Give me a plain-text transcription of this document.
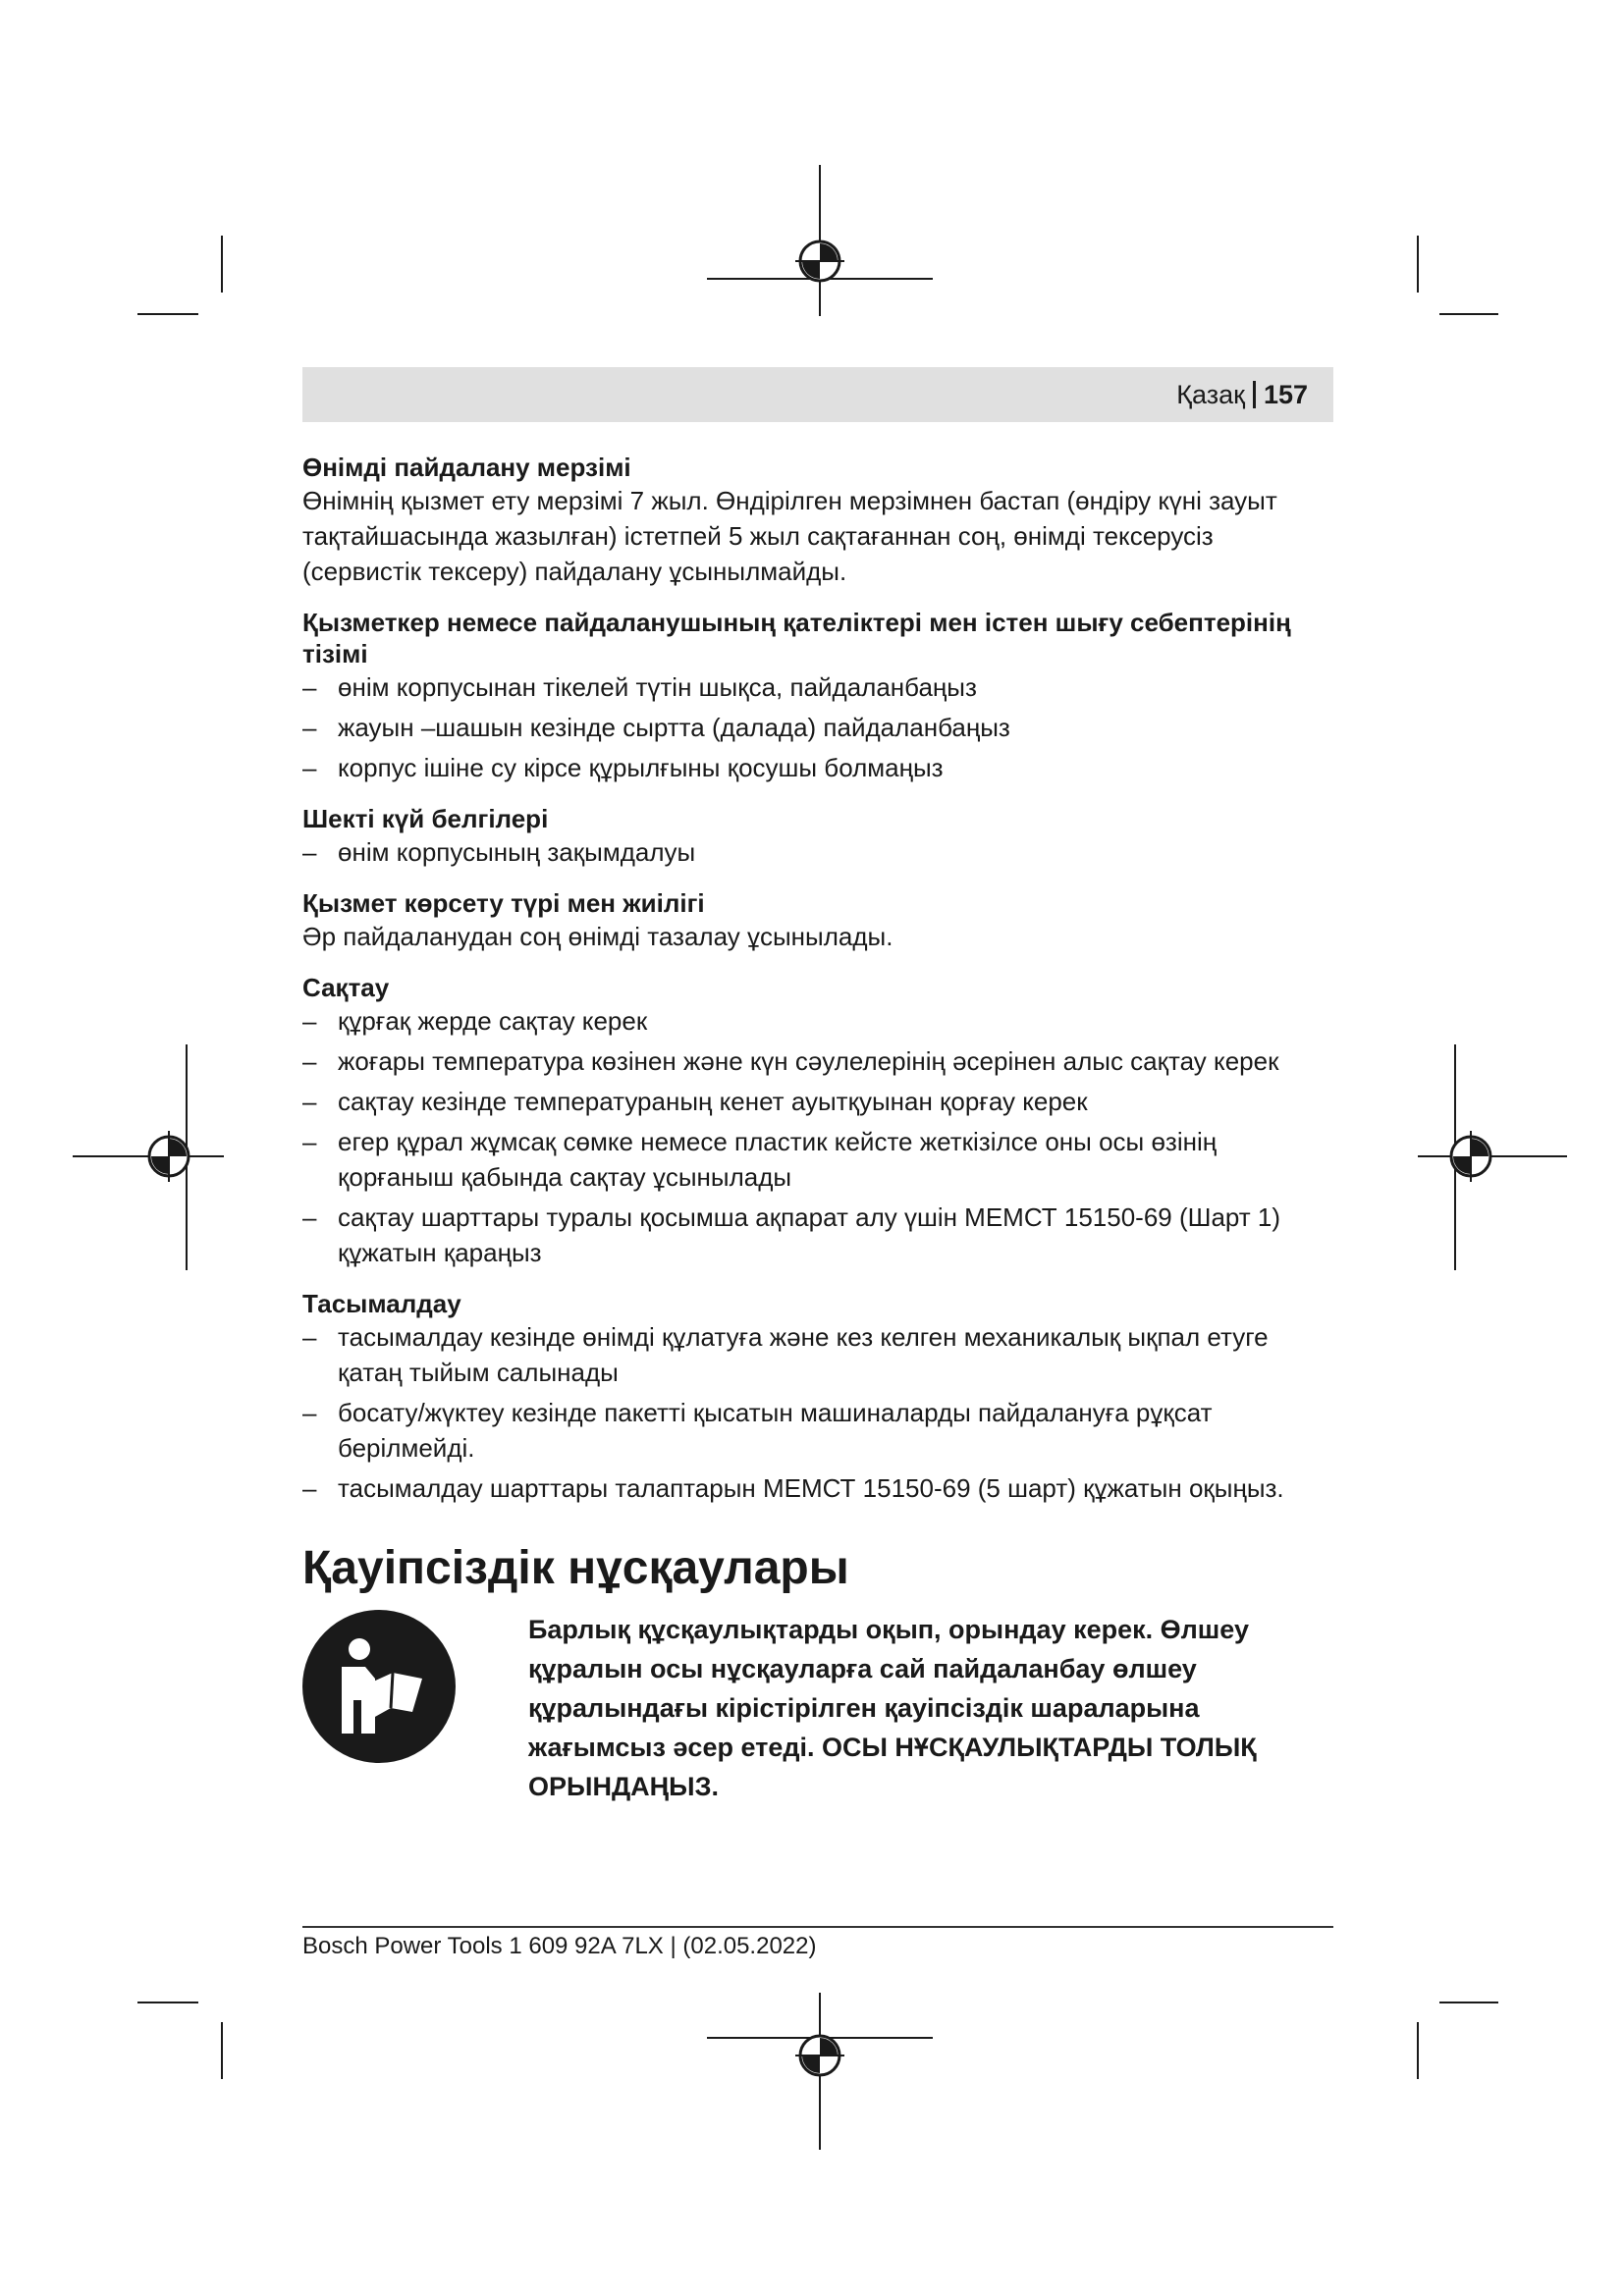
Қазақ 157
Өнімді пайдалану мерзімі
Өнімнің қызмет ету мерзімі 7 жыл. Өндірілген мерзімнен бастап (өндіру күні зауыт тақтайшасында жазылған) істетпей 5 жыл сақтағаннан соң, өнімді тексерусіз (сервистік тексеру) пайдалану ұсынылмайды.
Қызметкер немесе пайдаланушының қателіктері мен істен шығу себептерінің тізімі
– өнім корпусынан тікелей түтін шықса, пайдаланбаңыз
– жауын –шашын кезінде сыртта (далада) пайдаланбаңыз
– корпус ішіне су кірсе құрылғыны қосушы болмаңыз
Шекті күй белгілері
– өнім корпусының зақымдалуы
Қызмет көрсету түрі мен жиілігі
Әр пайдаланудан соң өнімді тазалау ұсынылады.
Сақтау
– құрғақ жерде сақтау керек
– жоғары температура көзінен және күн сәулелерінің әсерінен алыс сақтау керек
– сақтау кезінде температураның кенет ауытқуынан қорғау керек
– егер құрал жұмсақ сөмке немесе пластик кейсте жеткізілсе оны осы өзінің қорғаныш қабында сақтау ұсынылады
– сақтау шарттары туралы қосымша ақпарат алу үшін МЕМСТ 15150-69 (Шарт 1) құжатын қараңыз
Тасымалдау
– тасымалдау кезінде өнімді құлатуға және кез келген механикалық ықпал етуге қатаң тыйым салынады
– босату/жүктеу кезінде пакетті қысатын машиналарды пайдалануға рұқсат берілмейді.
– тасымалдау шарттары талаптарын МЕМСТ 15150-69 (5 шарт) құжатын оқыңыз.
Қауіпсіздік нұсқаулары
Барлық құсқаулықтарды оқып, орындау керек. Өлшеу құралын осы нұсқауларға сай пайдаланбау өлшеу құралындағы кірістірілген қауіпсіздік шараларына жағымсыз әсер етеді. ОСЫ НҰСҚАУЛЫҚТАРДЫ ТОЛЫҚ ОРЫНДАҢЫЗ.
Bosch Power Tools 1 609 92A 7LX | (02.05.2022)
